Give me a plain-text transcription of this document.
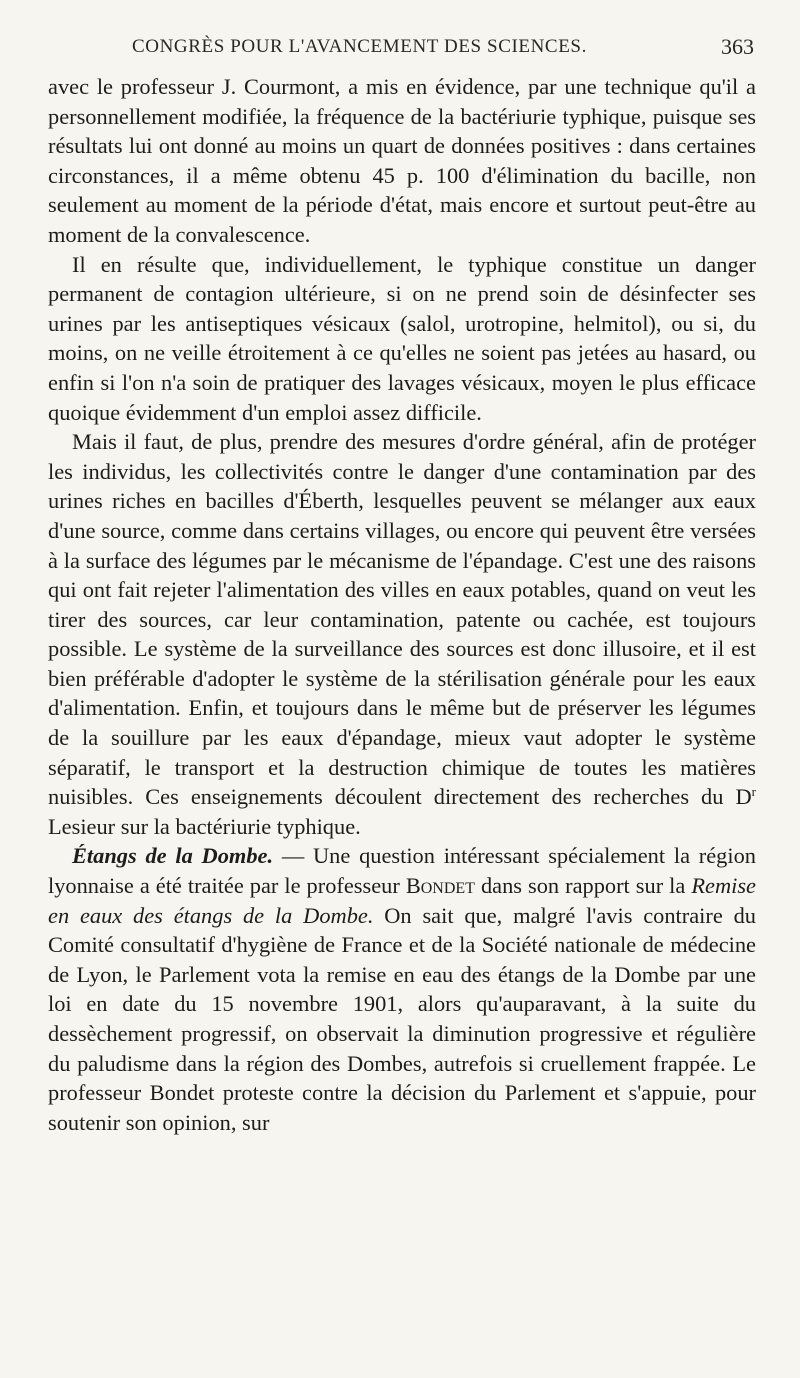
CONGRÈS POUR L'AVANCEMENT DES SCIENCES.	363

avec le professeur J. Courmont, a mis en évidence, par une technique qu'il a personnellement modifiée, la fréquence de la bactériurie typhique, puisque ses résultats lui ont donné au moins un quart de données positives : dans certaines circonstances, il a même obtenu 45 p. 100 d'élimination du bacille, non seulement au moment de la période d'état, mais encore et surtout peut-être au moment de la convalescence.

Il en résulte que, individuellement, le typhique constitue un danger permanent de contagion ultérieure, si on ne prend soin de désinfecter ses urines par les antiseptiques vésicaux (salol, urotropine, helmitol), ou si, du moins, on ne veille étroitement à ce qu'elles ne soient pas jetées au hasard, ou enfin si l'on n'a soin de pratiquer des lavages vésicaux, moyen le plus efficace quoique évidemment d'un emploi assez difficile.

Mais il faut, de plus, prendre des mesures d'ordre général, afin de protéger les individus, les collectivités contre le danger d'une contamination par des urines riches en bacilles d'Éberth, lesquelles peuvent se mélanger aux eaux d'une source, comme dans certains villages, ou encore qui peuvent être versées à la surface des légumes par le mécanisme de l'épandage. C'est une des raisons qui ont fait rejeter l'alimentation des villes en eaux potables, quand on veut les tirer des sources, car leur contamination, patente ou cachée, est toujours possible. Le système de la surveillance des sources est donc illusoire, et il est bien préférable d'adopter le système de la stérilisation générale pour les eaux d'alimentation. Enfin, et toujours dans le même but de préserver les légumes de la souillure par les eaux d'épandage, mieux vaut adopter le système séparatif, le transport et la destruction chimique de toutes les matières nuisibles. Ces enseignements découlent directement des recherches du $D^r$ Lesieur sur la bactériurie typhique.

Étangs de la Dombe. — Une question intéressant spécialement la région lyonnaise a été traitée par le professeur Bondet dans son rapport sur la Remise en eaux des étangs de la Dombe. On sait que, malgré l'avis contraire du Comité consultatif d'hygiène de France et de la Société nationale de médecine de Lyon, le Parlement vota la remise en eau des étangs de la Dombe par une loi en date du 15 novembre 1901, alors qu'auparavant, à la suite du dessèchement progressif, on observait la diminution progressive et régulière du paludisme dans la région des Dombes, autrefois si cruellement frappée. Le professeur Bondet proteste contre la décision du Parlement et s'appuie, pour soutenir son opinion, sur
